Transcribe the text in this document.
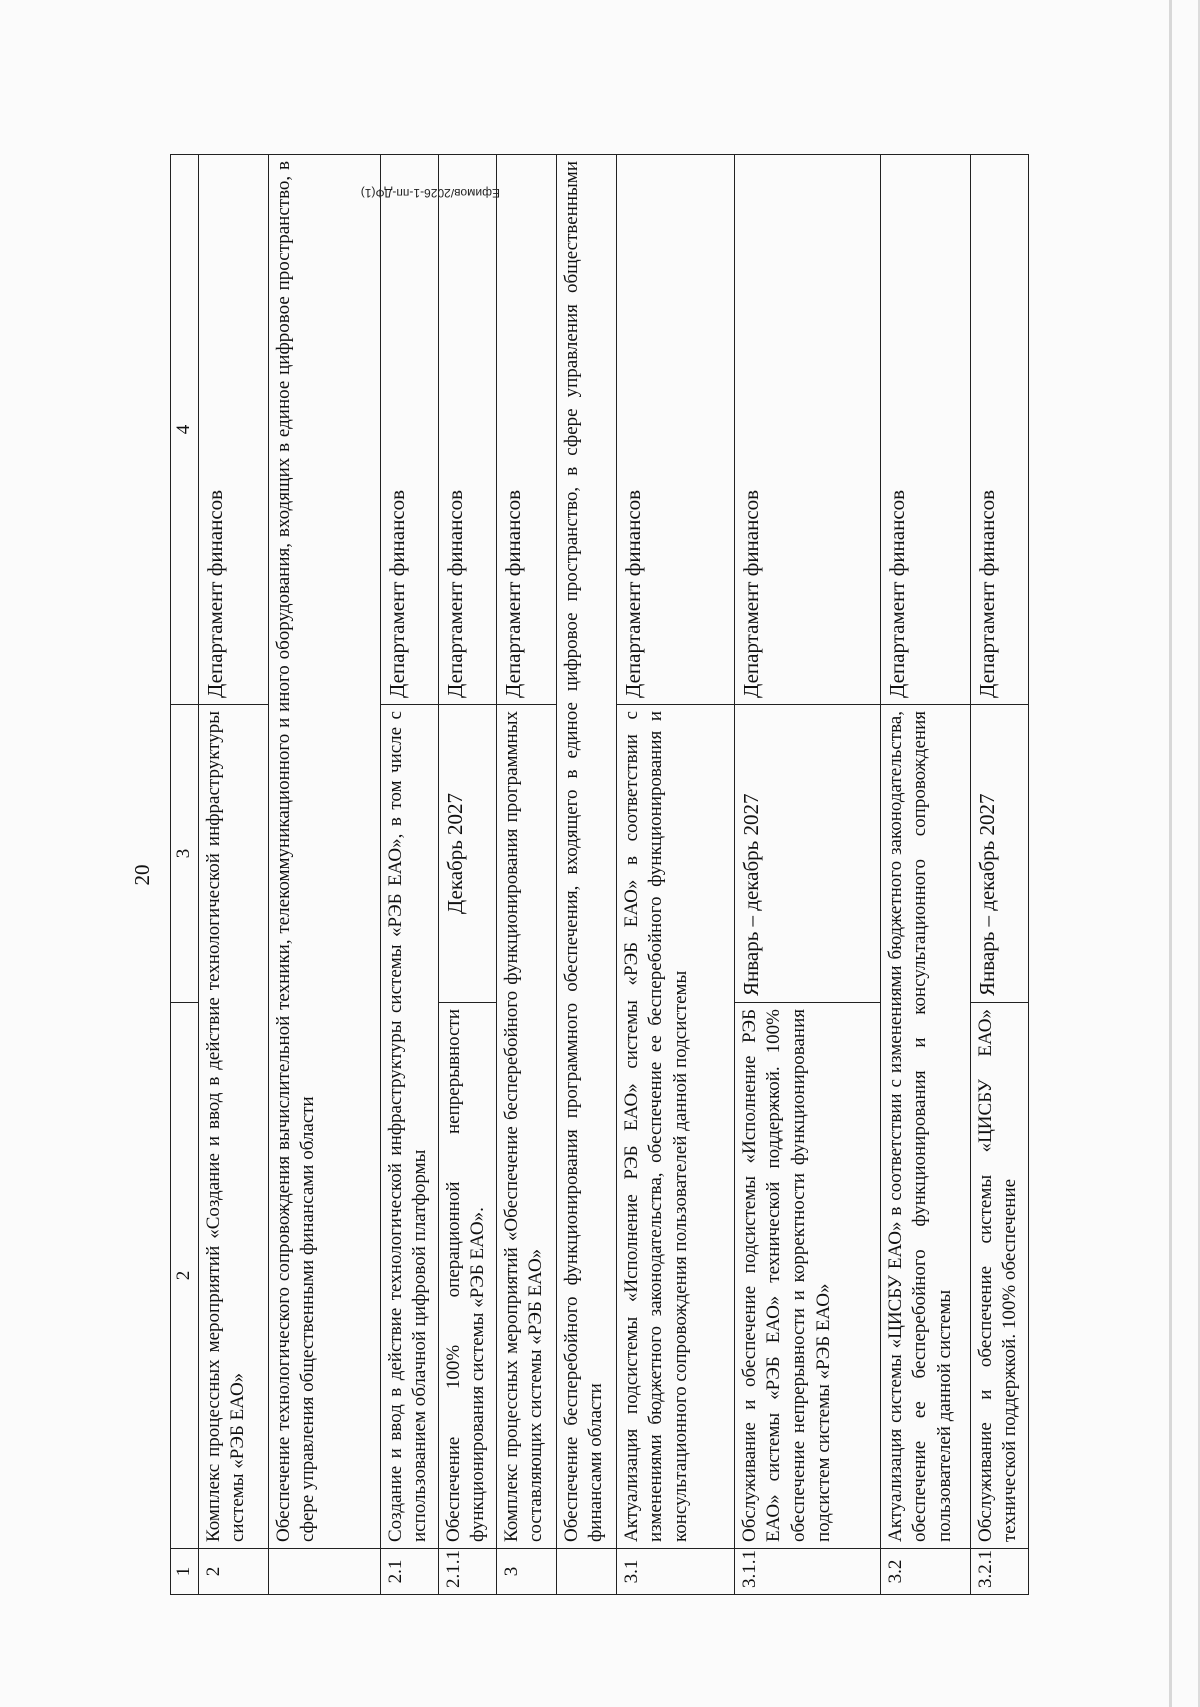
20
1	2	3	4
2	Комплекс процессных мероприятий «Создание и ввод в действие технологической инфраструктуры системы «РЭБ ЕАО»		Департамент финансов
	Обеспечение технологического сопровождения вычислительной техники, телекоммуникационного и иного оборудования, входящих в единое цифровое пространство, в сфере управления общественными финансами области		
2.1	Создание и ввод в действие технологической инфраструктуры системы «РЭБ ЕАО», в том числе с использованием облачной цифровой платформы		Департамент финансов
2.1.1	Обеспечение 100% операционной непрерывности функционирования системы «РЭБ ЕАО».	Декабрь 2027	Департамент финансов
3	Комплекс процессных мероприятий «Обеспечение бесперебойного функционирования программных составляющих системы «РЭБ ЕАО»		Департамент финансов
	Обеспечение бесперебойного функционирования программного обеспечения, входящего в единое цифровое пространство, в сфере управления общественными финансами области		
3.1	Актуализация подсистемы «Исполнение РЭБ ЕАО» системы «РЭБ ЕАО» в соответствии с изменениями бюджетного законодательства, обеспечение ее бесперебойного функционирования и консультационного сопровождения пользователей данной подсистемы		Департамент финансов
3.1.1	Обслуживание и обеспечение подсистемы «Исполнение РЭБ ЕАО» системы «РЭБ ЕАО» технической поддержкой. 100% обеспечение непрерывности и корректности функционирования подсистем системы «РЭБ ЕАО»	Январь – декабрь 2027	Департамент финансов
3.2	Актуализация системы «ЦИСБУ ЕАО» в соответствии с изменениями бюджетного законодательства, обеспечение ее бесперебойного функционирования и консультационного сопровождения пользователей данной системы		Департамент финансов
3.2.1	Обслуживание и обеспечение системы «ЦИСБУ ЕАО» технической поддержкой. 100% обеспечение	Январь – декабрь 2027	Департамент финансов
Ефимов/2026-1-пп-ДФ(1)
